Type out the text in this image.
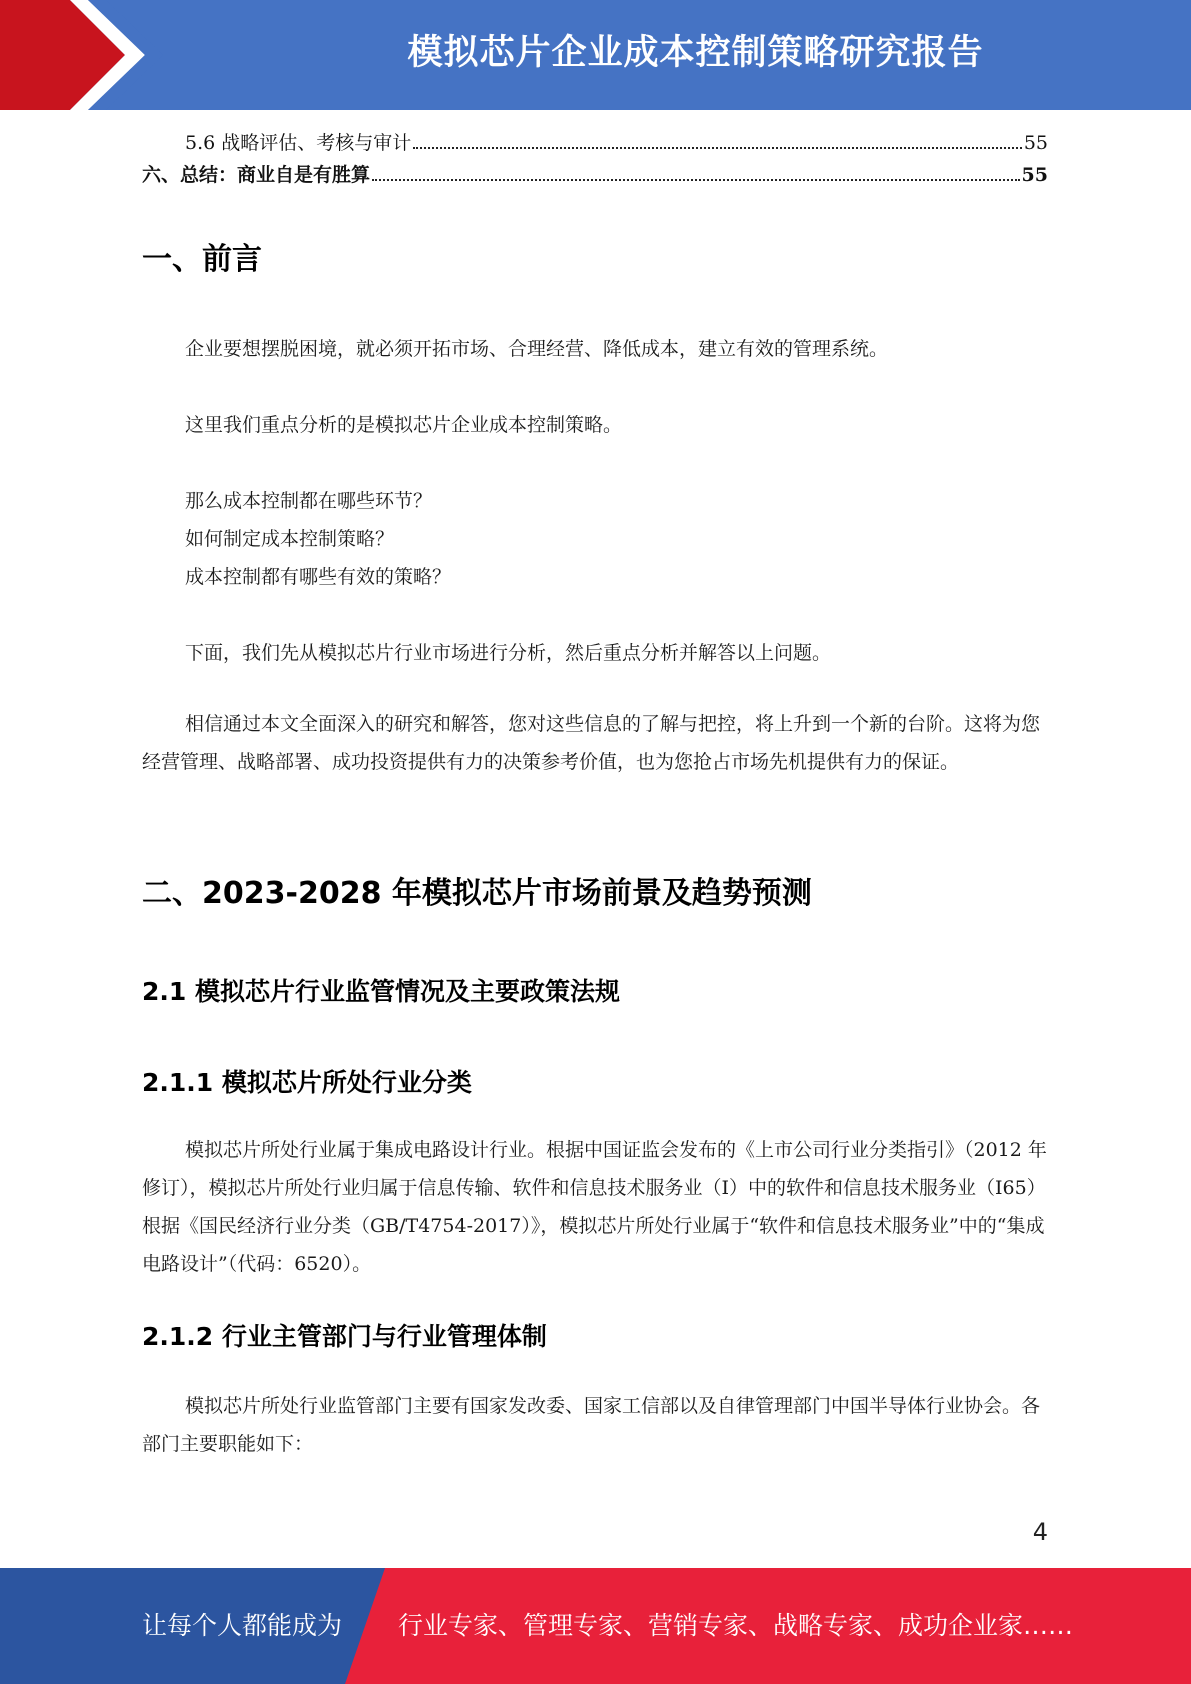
模拟芯片企业成本控制策略研究报告
5.6 战略评估、考核与审计	55
六、总结：商业自是有胜算	55
一、前言
企业要想摆脱困境，就必须开拓市场、合理经营、降低成本，建立有效的管理系统。
这里我们重点分析的是模拟芯片企业成本控制策略。
那么成本控制都在哪些环节？
如何制定成本控制策略？
成本控制都有哪些有效的策略？
下面，我们先从模拟芯片行业市场进行分析，然后重点分析并解答以上问题。
相信通过本文全面深入的研究和解答，您对这些信息的了解与把控，将上升到一个新的台阶。这将为您经营管理、战略部署、成功投资提供有力的决策参考价值，也为您抢占市场先机提供有力的保证。
二、2023-2028 年模拟芯片市场前景及趋势预测
2.1 模拟芯片行业监管情况及主要政策法规
2.1.1 模拟芯片所处行业分类
模拟芯片所处行业属于集成电路设计行业。根据中国证监会发布的《上市公司行业分类指引》（2012 年修订），模拟芯片所处行业归属于信息传输、软件和信息技术服务业（I）中的软件和信息技术服务业（I65）根据《国民经济行业分类（GB/T4754-2017）》，模拟芯片所处行业属于“软件和信息技术服务业”中的“集成电路设计”（代码：6520）。
2.1.2 行业主管部门与行业管理体制
模拟芯片所处行业监管部门主要有国家发改委、国家工信部以及自律管理部门中国半导体行业协会。各部门主要职能如下：
4
让每个人都能成为 行业专家、管理专家、营销专家、战略专家、成功企业家……
